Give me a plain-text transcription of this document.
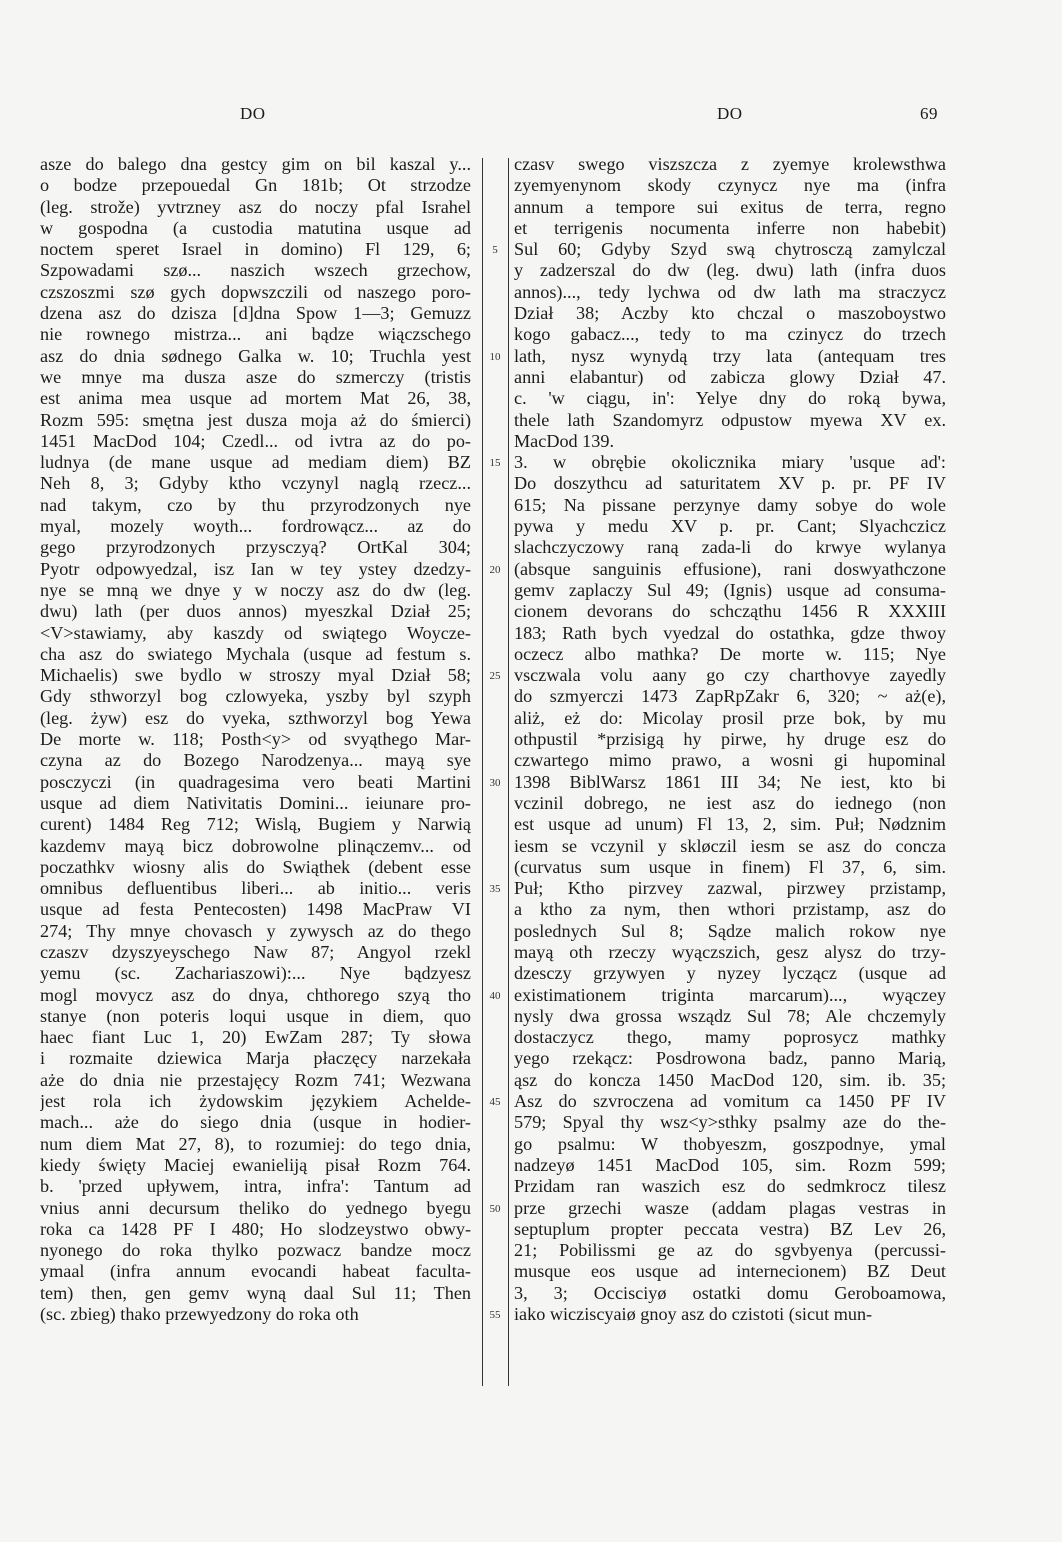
DO	DO	69
asze do balego dna gestcy gim on bil kaszal y...
o bodze przepouedal Gn 181b; Ot strzodze
(leg. strože) yvtrzney asz do noczy pfal Israhel
w gospodna (a custodia matutina usque ad
noctem speret Israel in domino) Fl 129, 6;
Szpowadami szø... naszich wszech grzechow,
czszoszmi szø gych dopwszczili od naszego poro-
dzena asz do dzisza [d]dna Spow 1—3; Gemuzz
nie rownego mistrza... ani bądze wiączschego
asz do dnia sødnego Galka w. 10; Truchla yest
we mnye ma dusza asze do szmerczy (tristis
est anima mea usque ad mortem Mat 26, 38,
Rozm 595: smętna jest dusza moja aż do śmierci)
1451 MacDod 104; Czedl... od ivtra az do po-
ludnya (de mane usque ad mediam diem) BZ
Neh 8, 3; Gdyby ktho vczynyl naglą rzecz...
nad takym, czo by thu przyrodzonych nye
myal, mozely woyth... fordrowącz... az do
gego przyrodzonych przysczyą? OrtKal 304;
Pyotr odpowyedzal, isz Ian w tey ystey dzedzy-
nye se mną we dnye y w noczy asz do dw (leg.
dwu) lath (per duos annos) myeszkal Dział 25;
<V>stawiamy, aby kaszdy od swiątego Woycze-
cha asz do swiatego Mychala (usque ad festum s.
Michaelis) swe bydlo w stroszy myal Dział 58;
Gdy sthworzyl bog czlowyeka, yszby byl szyph
(leg. żyw) esz do vyeka, szthworzyl bog Yewa
De morte w. 118; Posth<y> od svyąthego Mar-
czyna az do Bozego Narodzenya... mayą sye
posczyczi (in quadragesima vero beati Martini
usque ad diem Nativitatis Domini... ieiunare pro-
curent) 1484 Reg 712; Wislą, Bugiem y Narwią
kazdemv mayą bicz dobrowolne plinączemv... od
poczathkv wiosny alis do Swiąthek (debent esse
omnibus defluentibus liberi... ab initio... veris
usque ad festa Pentecosten) 1498 MacPraw VI
274; Thy mnye chovasch y zywysch az do thego
czaszv dzyszyeyschego Naw 87; Angyol rzekl
yemu (sc. Zachariaszowi):... Nye bądzyesz
mogl movycz asz do dnya, chthorego szyą tho
stanye (non poteris loqui usque in diem, quo
haec fiant Luc 1, 20) EwZam 287; Ty słowa
i rozmaite dziewica Marja płaczęcy narzekała
aże do dnia nie przestajęcy Rozm 741; Wezwana
jest rola ich żydowskim językiem Achelde-
mach... aże do siego dnia (usque in hodier-
num diem Mat 27, 8), to rozumiej: do tego dnia,
kiedy święty Maciej ewanieliją pisał Rozm 764.
b. 'przed upływem, intra, infra': Tantum ad
vnius anni decursum theliko do yednego byegu
roka ca 1428 PF I 480; Ho slodzeystwo obwy-
nyonego do roka thylko pozwacz bandze mocz
ymaal (infra annum evocandi habeat facultа-
tem) then, gen gemv wyną daal Sul 11; Then
(sc. zbieg) thako przewyedzony do roka oth
5
10
15
20
25
30
35
40
45
50
55
czasv swego viszszcza z zyemye krolewsthwa
zyemyenynom skody czynycz nye ma (infra
annum a tempore sui exitus de terra, regno
et terrigenis nocumenta inferre non habebit)
Sul 60; Gdyby Szyd swą chytrosczą zamylczal
y zadzerszal do dw (leg. dwu) lath (infra duos
annos)..., tedy lychwa od dw lath ma straczycz
Dział 38; Aczby kto chczal o maszoboystwo
kogo gabacz..., tedy to ma czinycz do trzech
lath, nysz wynydą trzy lata (antequam tres
anni elabantur) od zabicza glowy Dział 47.
c. 'w ciągu, in': Yelye dny do roką bywa,
thele lath Szandomyrz odpustow myewa XV ex.
MacDod 139.
3. w obrębie okolicznika miary 'usque ad':
Do doszythcu ad saturitatem XV p. pr. PF IV
615; Na pissane perzynye damy sobye do wole
pywa y medu XV p. pr. Cant; Slyachczicz
slachczyczowy raną zada-li do krwye wylanya
(absque sanguinis effusione), rani doswyathczone
gemv zaplaczy Sul 49; (Ignis) usque ad consuma-
cionem devorans do schcząthu 1456 R XXXIII
183; Rath bych vyedzal do ostathka, gdze thwoy
oczecz albo mathka? De morte w. 115; Nye
vsczwala volu aany go czy charthovye zayedly
do szmyerczi 1473 ZapRpZakr 6, 320; ~ aż(e),
aliż, eż do: Micolay prosil prze bok, by mu
othpustil *przisigą hy pirwe, hy druge esz do
czwartego mimo prawo, a wosni gi hupominal
1398 BiblWarsz 1861 III 34; Ne iest, kto bi
vczinil dobrego, ne iest asz do iednego (non
est usque ad unum) Fl 13, 2, sim. Puł; Nødznim
iesm se vczynil y skløczil iesm se asz do concza
(curvatus sum usque in finem) Fl 37, 6, sim.
Puł; Ktho pirzvey zazwal, pirzwey przistamp,
a ktho za nym, then wthori przistamp, asz do
poslednych Sul 8; Sądze malich rokow nye
mayą oth rzeczy wyączszich, gesz alysz do trzy-
dzesczy grzywyen y nyzey lyczącz (usque ad
existimationem triginta marcarum)..., wyączey
nysly dwa grossa wsządz Sul 78; Ale chczemyly
dostaczycz thego, mamy poprosycz mathky
yego rzekącz: Posdrowona badz, panno Marią,
ąsz do koncza 1450 MacDod 120, sim. ib. 35;
Asz do szvroczena ad vomitum ca 1450 PF IV
579; Spyal thy wsz<y>sthky psalmy aze do the-
go psalmu: W thobyeszm, goszpodnye, ymal
nadzeyø 1451 MacDod 105, sim. Rozm 599;
Przidam ran waszich esz do sedmkrocz tilesz
prze grzechi wasze (addam plagas vestras in
septuplum propter peccata vestra) BZ Lev 26,
21; Pobilissmi ge az do sgvbyenya (percussi-
musque eos usque ad internecionem) BZ Deut
3, 3; Occisciyø ostatki domu Geroboamowa,
iako wicziscyaiø gnoy asz do czistoti (sicut mun-
